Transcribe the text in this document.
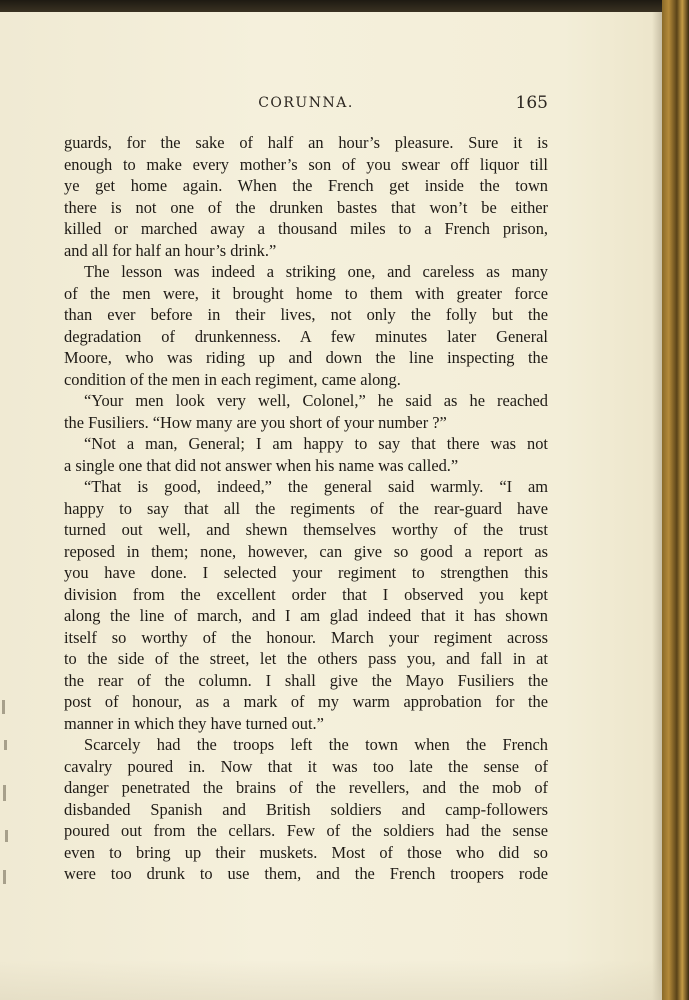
CORUNNA.	165
guards, for the sake of half an hour’s pleasure. Sure it is
enough to make every mother’s son of you swear off liquor till
ye get home again. When the French get inside the town
there is not one of the drunken bastes that won’t be either
killed or marched away a thousand miles to a French prison,
and all for half an hour’s drink.”
The lesson was indeed a striking one, and careless as many
of the men were, it brought home to them with greater force
than ever before in their lives, not only the folly but the
degradation of drunkenness. A few minutes later General
Moore, who was riding up and down the line inspecting the
condition of the men in each regiment, came along.
“Your men look very well, Colonel,” he said as he reached
the Fusiliers. “How many are you short of your number ?”
“Not a man, General; I am happy to say that there was not
a single one that did not answer when his name was called.”
“That is good, indeed,” the general said warmly. “I am
happy to say that all the regiments of the rear-guard have
turned out well, and shewn themselves worthy of the trust
reposed in them; none, however, can give so good a report as
you have done. I selected your regiment to strengthen this
division from the excellent order that I observed you kept
along the line of march, and I am glad indeed that it has shown
itself so worthy of the honour. March your regiment across
to the side of the street, let the others pass you, and fall in at
the rear of the column. I shall give the Mayo Fusiliers the
post of honour, as a mark of my warm approbation for the
manner in which they have turned out.”
Scarcely had the troops left the town when the French
cavalry poured in. Now that it was too late the sense of
danger penetrated the brains of the revellers, and the mob of
disbanded Spanish and British soldiers and camp-followers
poured out from the cellars. Few of the soldiers had the sense
even to bring up their muskets. Most of those who did so
were too drunk to use them, and the French troopers rode
